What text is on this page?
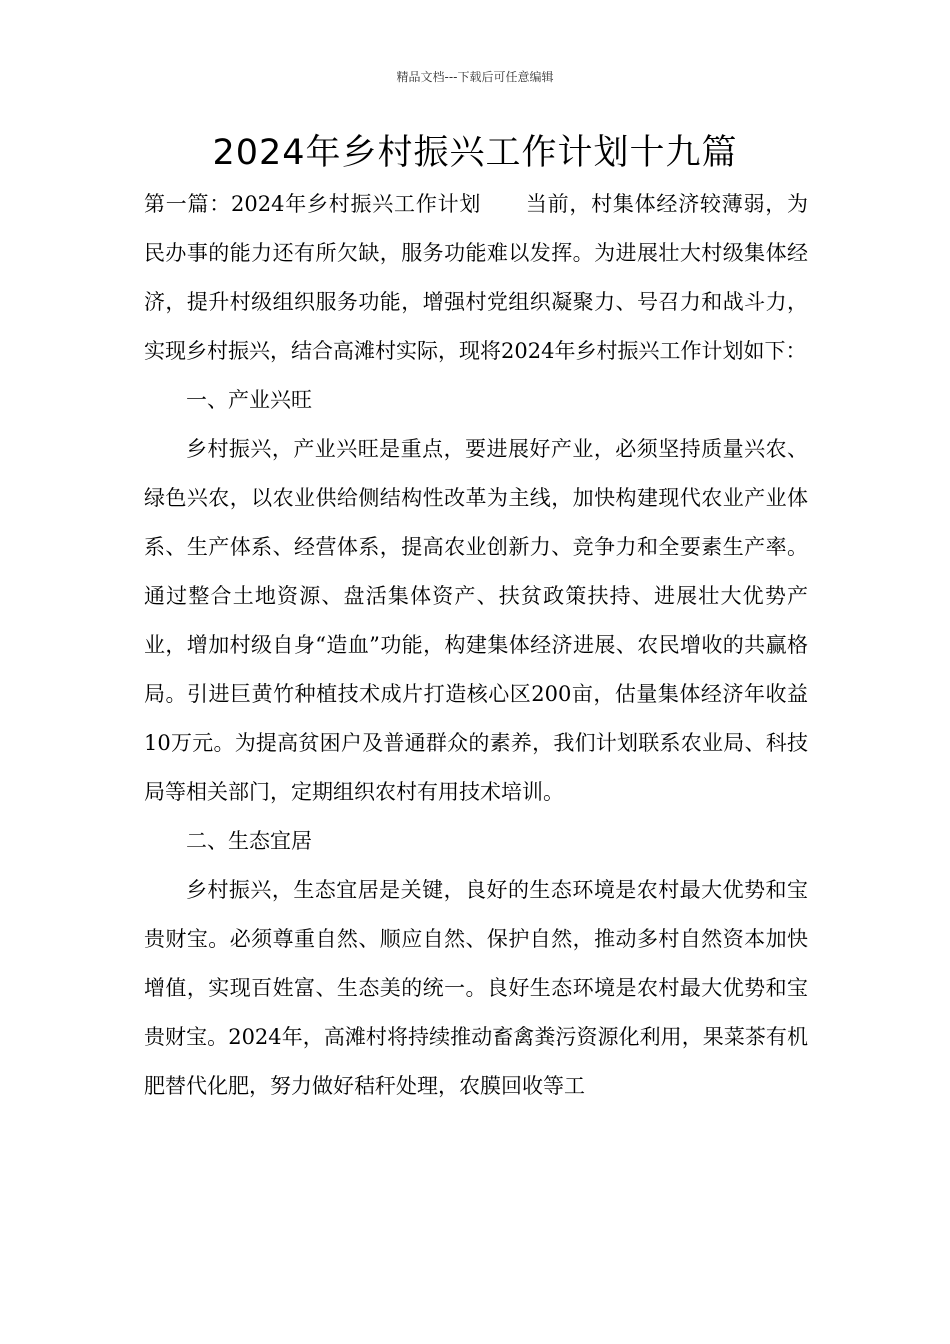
精品文档---下载后可任意编辑
2024年乡村振兴工作计划十九篇

第一篇：2024年乡村振兴工作计划 当前，村集体经济较薄弱，为民办事的能力还有所欠缺，服务功能难以发挥。为进展壮大村级集体经济，提升村级组织服务功能，增强村党组织凝聚力、号召力和战斗力，实现乡村振兴，结合高滩村实际，现将2024年乡村振兴工作计划如下：

一、产业兴旺

乡村振兴，产业兴旺是重点，要进展好产业，必须坚持质量兴农、绿色兴农，以农业供给侧结构性改革为主线，加快构建现代农业产业体系、生产体系、经营体系，提高农业创新力、竞争力和全要素生产率。通过整合土地资源、盘活集体资产、扶贫政策扶持、进展壮大优势产业，增加村级自身“造血”功能，构建集体经济进展、农民增收的共赢格局。引进巨黄竹种植技术成片打造核心区200亩，估量集体经济年收益10万元。为提高贫困户及普通群众的素养，我们计划联系农业局、科技局等相关部门，定期组织农村有用技术培训。

二、生态宜居

乡村振兴，生态宜居是关键，良好的生态环境是农村最大优势和宝贵财宝。必须尊重自然、顺应自然、保护自然，推动多村自然资本加快增值，实现百姓富、生态美的统一。良好生态环境是农村最大优势和宝贵财宝。2024年，高滩村将持续推动畜禽粪污资源化利用，果菜茶有机肥替代化肥，努力做好秸秆处理，农膜回收等工
